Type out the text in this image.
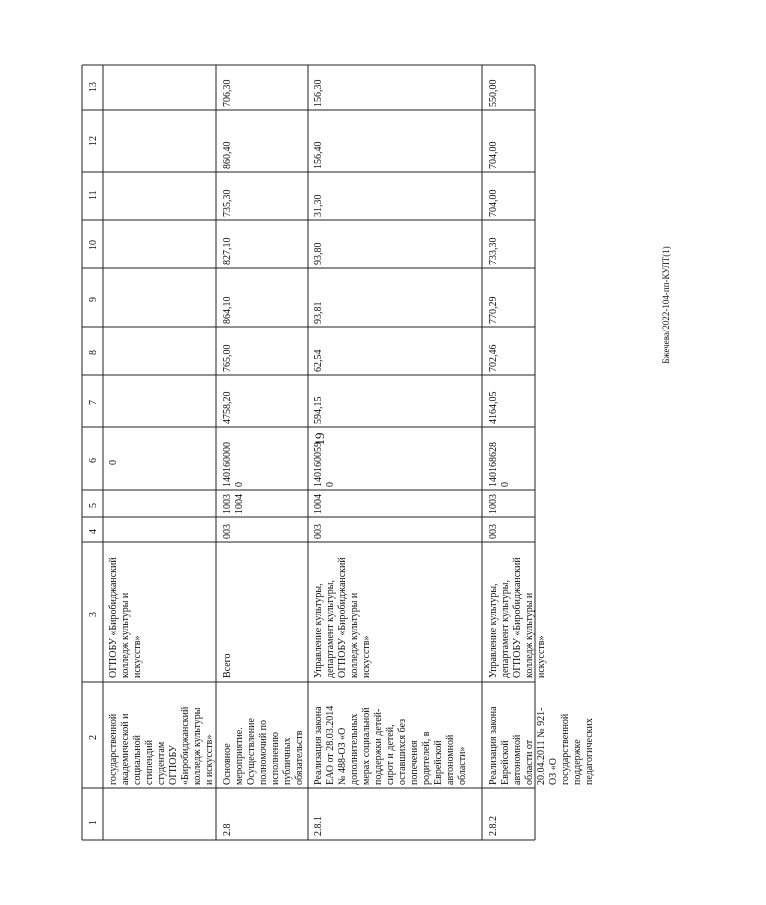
19
Бжечева/2022-104-пп-КУЛТ(1)
1
2
3
4
5
6
7
8
9
10
11
12
13
государственной
академической и
социальной
стипендий
студентам
ОГПОБУ
«Биробиджанский
колледж культуры
и искусств»
ОГПОБУ «Биробиджанский
колледж культуры и
искусств»
0
2.8
Основное
мероприятие.
Осуществление
полномочий по
исполнению
публичных
обязательств
Всего
003
1003
1004
140160000
0
4758,20
765,00
864,10
827,10
735,30
860,40
706,30
2.8.1
Реализация закона
ЕАО от 28.03.2014
№ 488-ОЗ «О
дополнительных
мерах социальной
поддержки детей-
сирот и детей,
оставшихся без
попечения
родителей, в
Еврейской
автономной
области»
Управление культуры,
департамент культуры,
ОГПОБУ «Биробиджанский
колледж культуры и
искусств»
003
1004
140160059
0
594,15
62,54
93,81
93,80
31,30
156,40
156,30
2.8.2
Реализация закона
Еврейской
автономной
области от
20.04.2011 № 921-
ОЗ «О
государственной
поддержке
педагогических
Управление культуры,
департамент культуры,
ОГПОБУ «Биробиджанский
колледж культуры и
искусств»
003
1003
140168628
0
4164,05
702,46
770,29
733,30
704,00
704,00
550,00
